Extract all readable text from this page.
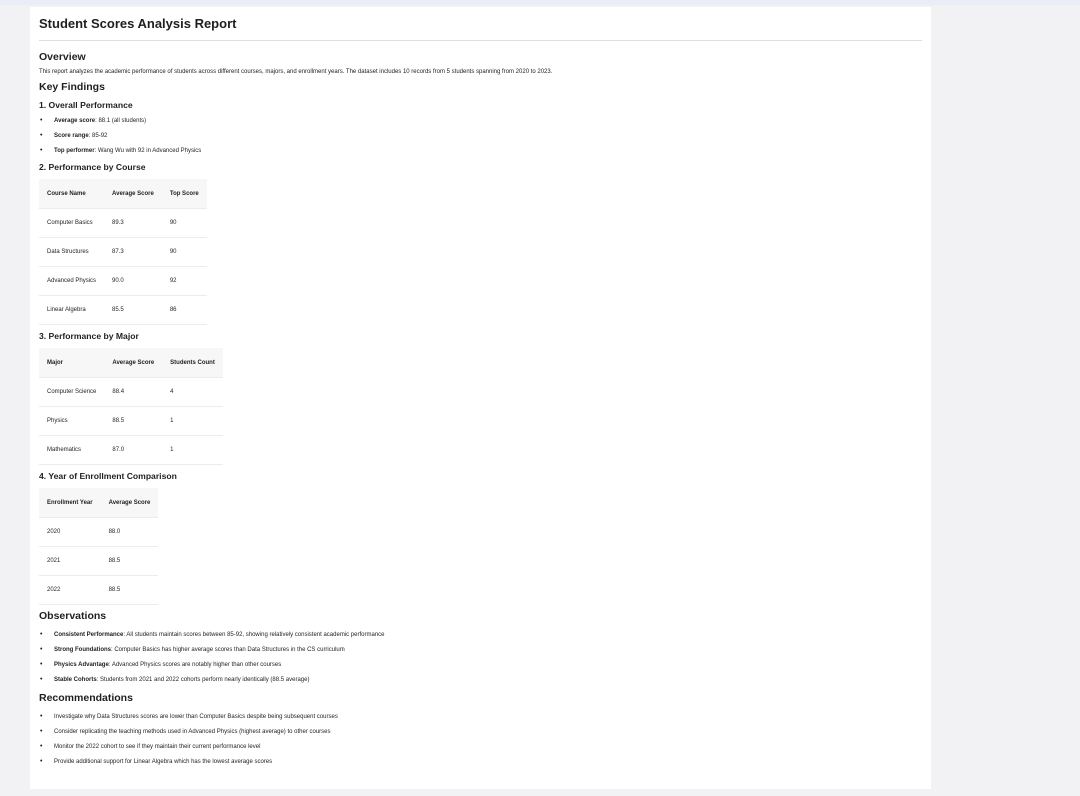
Student Scores Analysis Report
Overview

This report analyzes the academic performance of students across different courses, majors, and enrollment years. The dataset includes 10 records from 5 students spanning from 2020 to 2023.

Key Findings
1. Overall Performance
• Average score: 88.1 (all students)
• Score range: 85-92
• Top performer: Wang Wu with 92 in Advanced Physics
2. Performance by Course
Course Name	Average Score	Top Score
Computer Basics	89.3	90
Data Structures	87.3	90
Advanced Physics	90.0	92
Linear Algebra	85.5	86
3. Performance by Major
Major	Average Score	Students Count
Computer Science	88.4	4
Physics	88.5	1
Mathematics	87.0	1
4. Year of Enrollment Comparison
Enrollment Year	Average Score
2020	88.0
2021	88.5
2022	88.5
Observations
• Consistent Performance: All students maintain scores between 85-92, showing relatively consistent academic performance
• Strong Foundations: Computer Basics has higher average scores than Data Structures in the CS curriculum
• Physics Advantage: Advanced Physics scores are notably higher than other courses
• Stable Cohorts: Students from 2021 and 2022 cohorts perform nearly identically (88.5 average)
Recommendations
• Investigate why Data Structures scores are lower than Computer Basics despite being subsequent courses
• Consider replicating the teaching methods used in Advanced Physics (highest average) to other courses
• Monitor the 2022 cohort to see if they maintain their current performance level
• Provide additional support for Linear Algebra which has the lowest average scores
